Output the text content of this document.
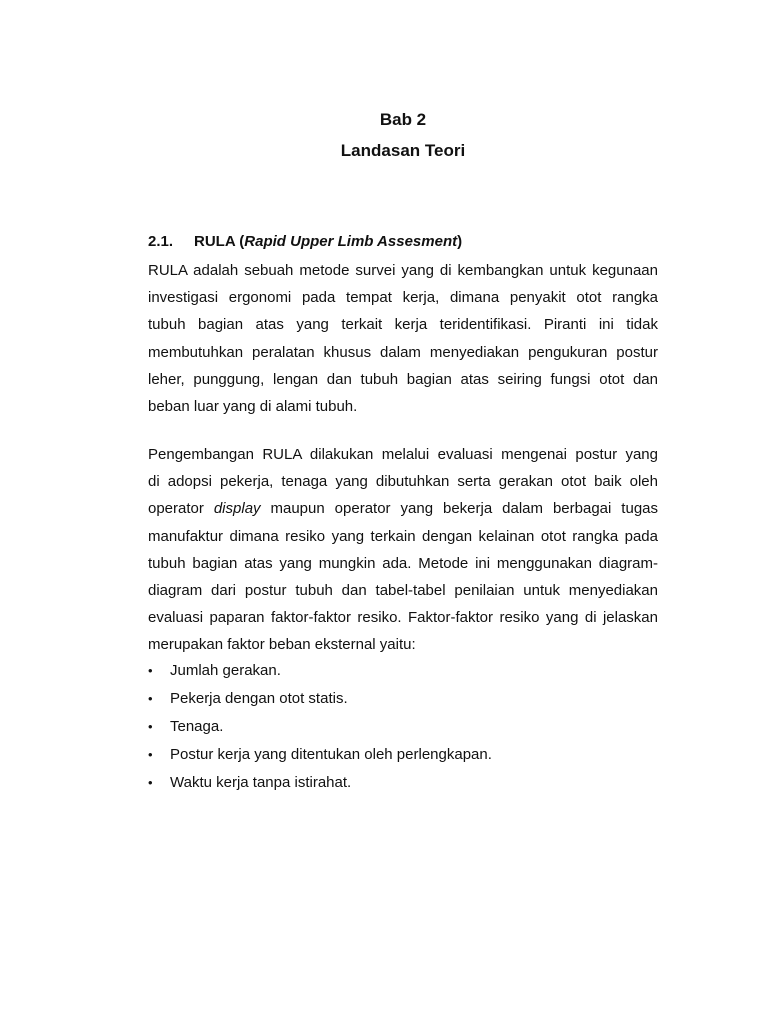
Bab 2
Landasan Teori
2.1. RULA (Rapid Upper Limb Assesment)
RULA adalah sebuah metode survei yang di kembangkan untuk kegunaan
investigasi ergonomi pada tempat kerja, dimana penyakit otot rangka
tubuh bagian atas yang terkait kerja teridentifikasi. Piranti ini tidak
membutuhkan peralatan khusus dalam menyediakan pengukuran postur
leher, punggung, lengan dan tubuh bagian atas seiring fungsi otot dan
beban luar yang di alami tubuh.
Pengembangan RULA dilakukan melalui evaluasi mengenai postur yang
di adopsi pekerja, tenaga yang dibutuhkan serta gerakan otot baik oleh
operator display maupun operator yang bekerja dalam berbagai tugas
manufaktur dimana resiko yang terkain dengan kelainan otot rangka pada
tubuh bagian atas yang mungkin ada. Metode ini menggunakan diagram-
diagram dari postur tubuh dan tabel-tabel penilaian untuk menyediakan
evaluasi paparan faktor-faktor resiko. Faktor-faktor resiko yang di jelaskan
merupakan faktor beban eksternal yaitu:
• Jumlah gerakan.
• Pekerja dengan otot statis.
• Tenaga.
• Postur kerja yang ditentukan oleh perlengkapan.
• Waktu kerja tanpa istirahat.
